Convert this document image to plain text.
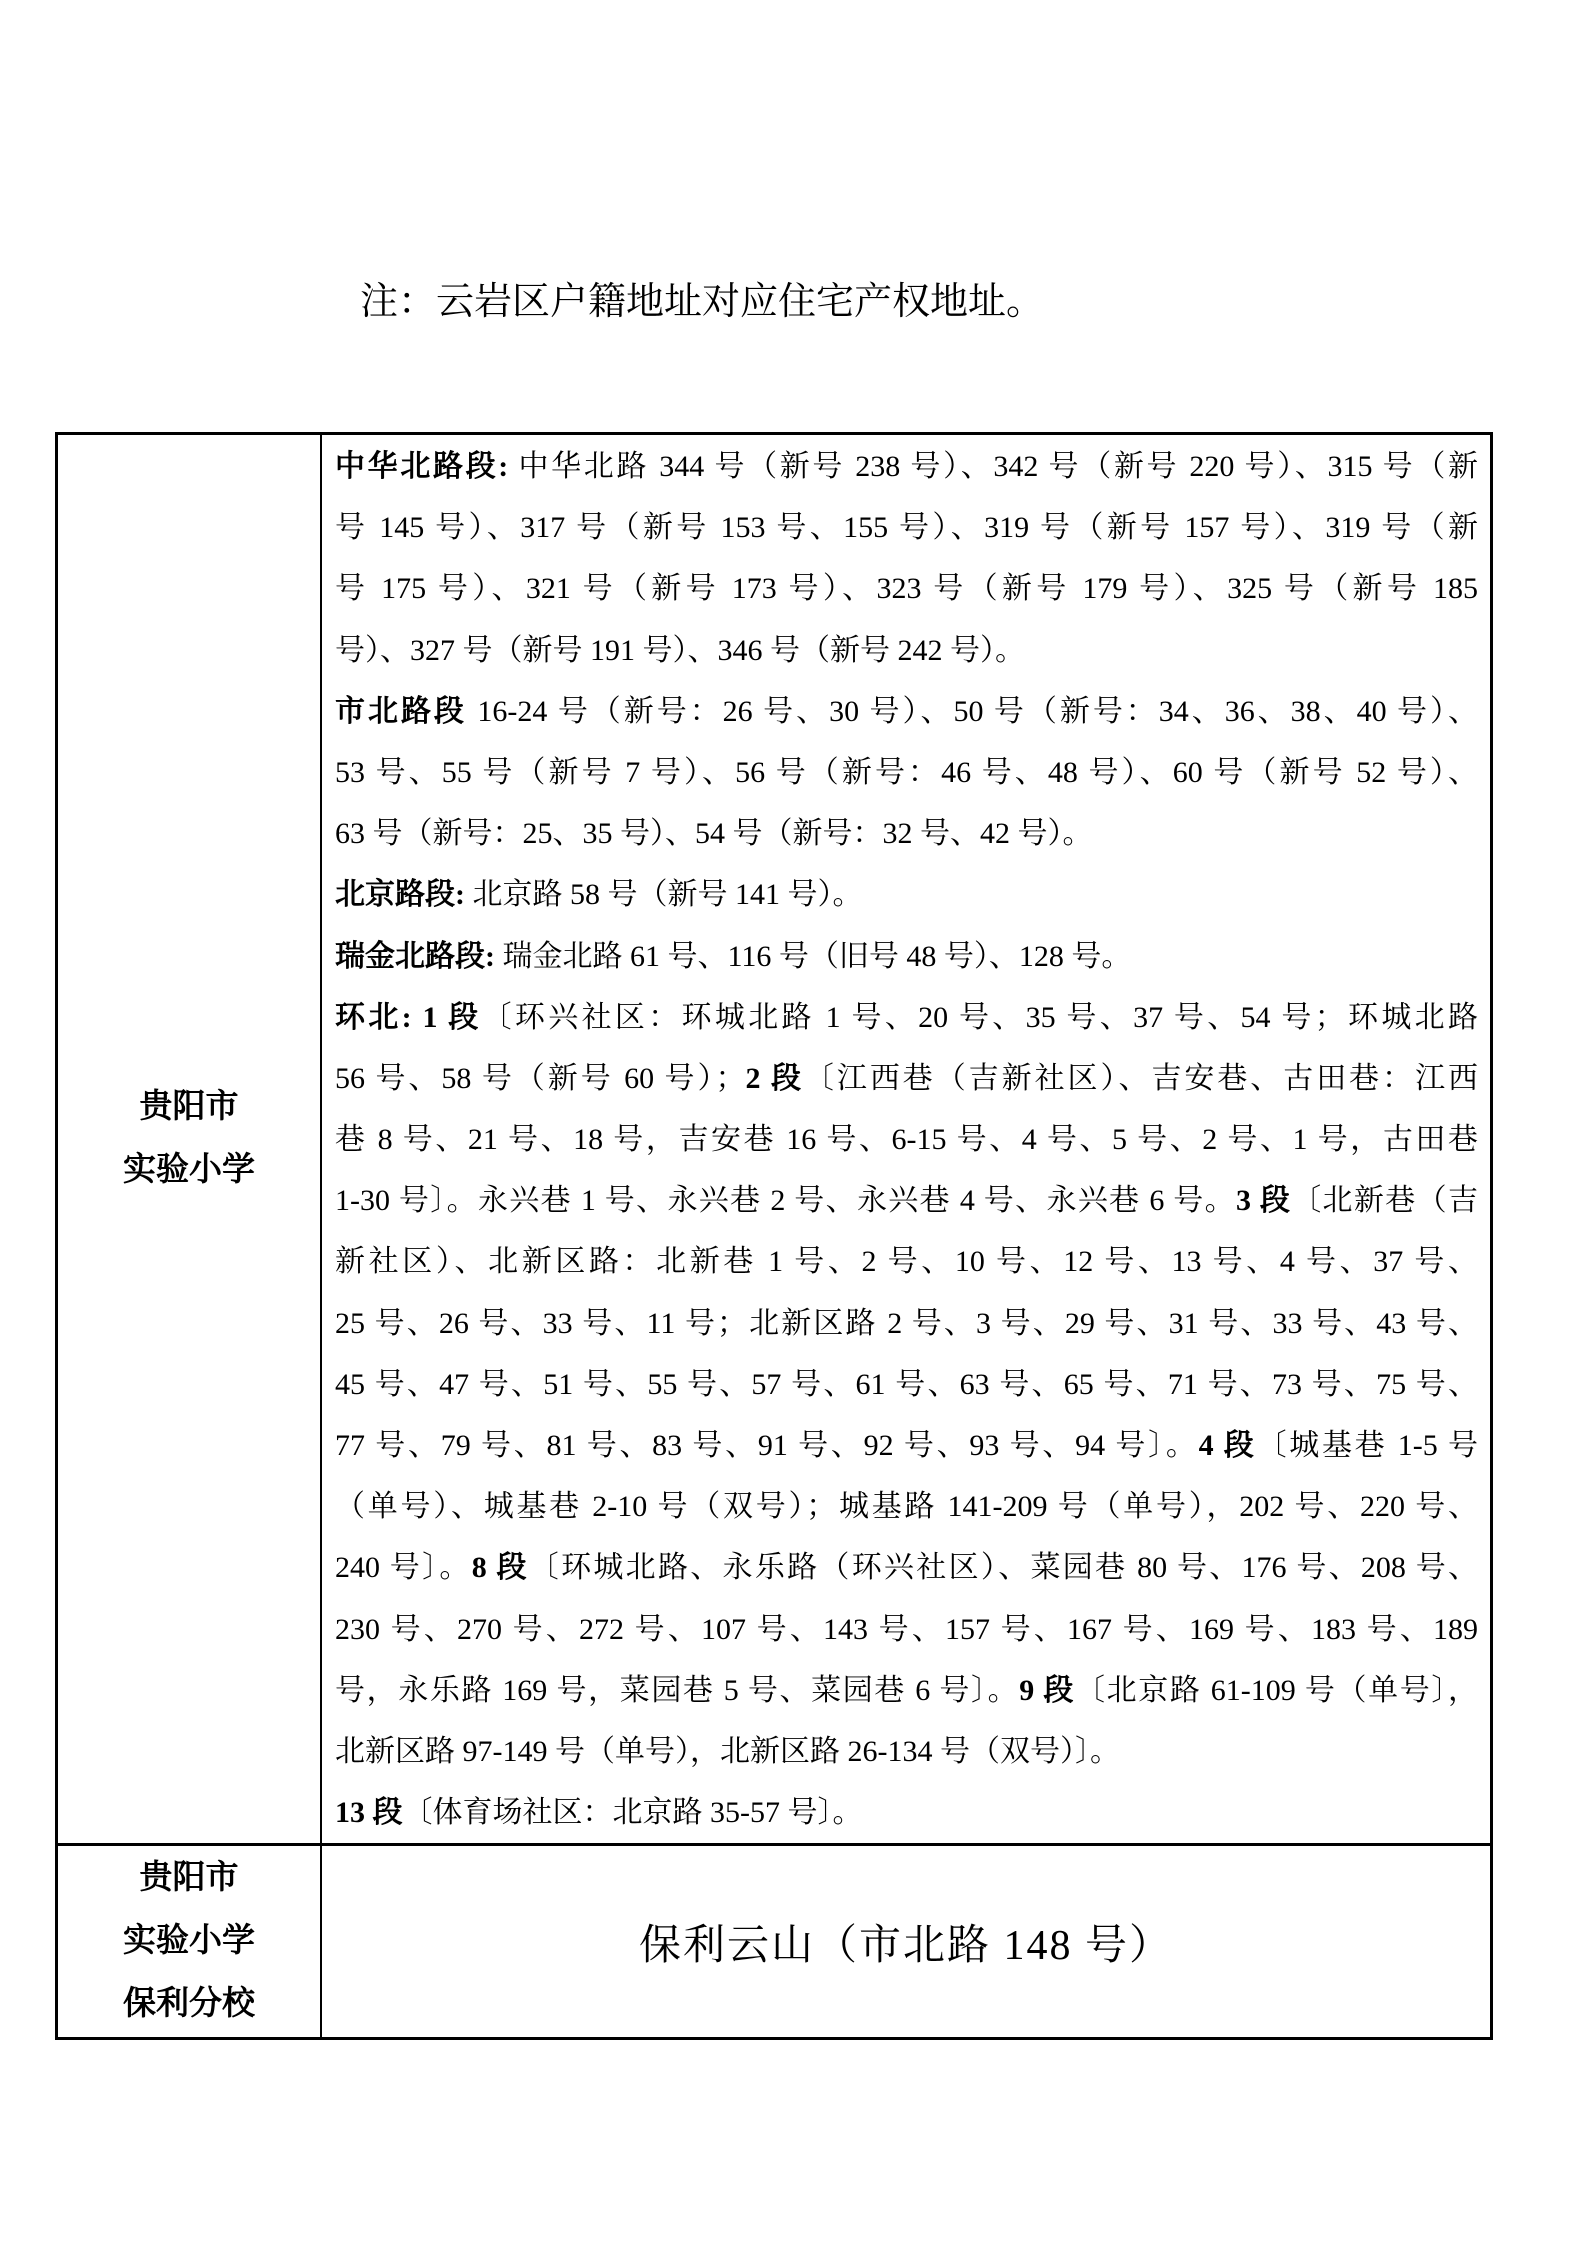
注：云岩区户籍地址对应住宅产权地址。
贵阳市
实验小学
中华北路段: 中华北路 344 号（新号 238 号）、342 号（新号 220 号）、315 号（新
号 145 号）、317 号（新号 153 号、155 号）、319 号（新号 157 号）、319 号（新
号 175 号）、321 号（新号 173 号）、323 号（新号 179 号）、325 号（新号 185
号）、327 号（新号 191 号）、346 号（新号 242 号）。
市北路段 16-24 号（新号：26 号、30 号）、50 号（新号：34、36、38、40 号）、
53 号、55 号（新号 7 号）、56 号（新号：46 号、48 号）、60 号（新号 52 号）、
63 号（新号：25、35 号）、54 号（新号：32 号、42 号）。
北京路段: 北京路 58 号（新号 141 号）。
瑞金北路段: 瑞金北路 61 号、116 号（旧号 48 号）、128 号。
环北: 1 段〔环兴社区：环城北路 1 号、20 号、35 号、37 号、54 号；环城北路
56 号、58 号（新号 60 号）；2 段〔江西巷（吉新社区）、吉安巷、古田巷：江西
巷 8 号、21 号、18 号，吉安巷 16 号、6-15 号、4 号、5 号、2 号、1 号，古田巷
1-30 号〕。永兴巷 1 号、永兴巷 2 号、永兴巷 4 号、永兴巷 6 号。3 段〔北新巷（吉
新社区）、北新区路：北新巷 1 号、2 号、10 号、12 号、13 号、4 号、37 号、
25 号、26 号、33 号、11 号；北新区路 2 号、3 号、29 号、31 号、33 号、43 号、
45 号、47 号、51 号、55 号、57 号、61 号、63 号、65 号、71 号、73 号、75 号、
77 号、79 号、81 号、83 号、91 号、92 号、93 号、94 号〕。4 段〔城基巷 1-5 号
（单号）、城基巷 2-10 号（双号）；城基路 141-209 号（单号），202 号、220 号、
240 号〕。8 段〔环城北路、永乐路（环兴社区）、菜园巷 80 号、176 号、208 号、
230 号、270 号、272 号、107 号、143 号、157 号、167 号、169 号、183 号、189
号，永乐路 169 号，菜园巷 5 号、菜园巷 6 号〕。9 段〔北京路 61-109 号（单号〕，
北新区路 97-149 号（单号），北新区路 26-134 号（双号）〕。
13 段〔体育场社区：北京路 35-57 号〕。
贵阳市
实验小学
保利分校
保利云山（市北路 148 号）
